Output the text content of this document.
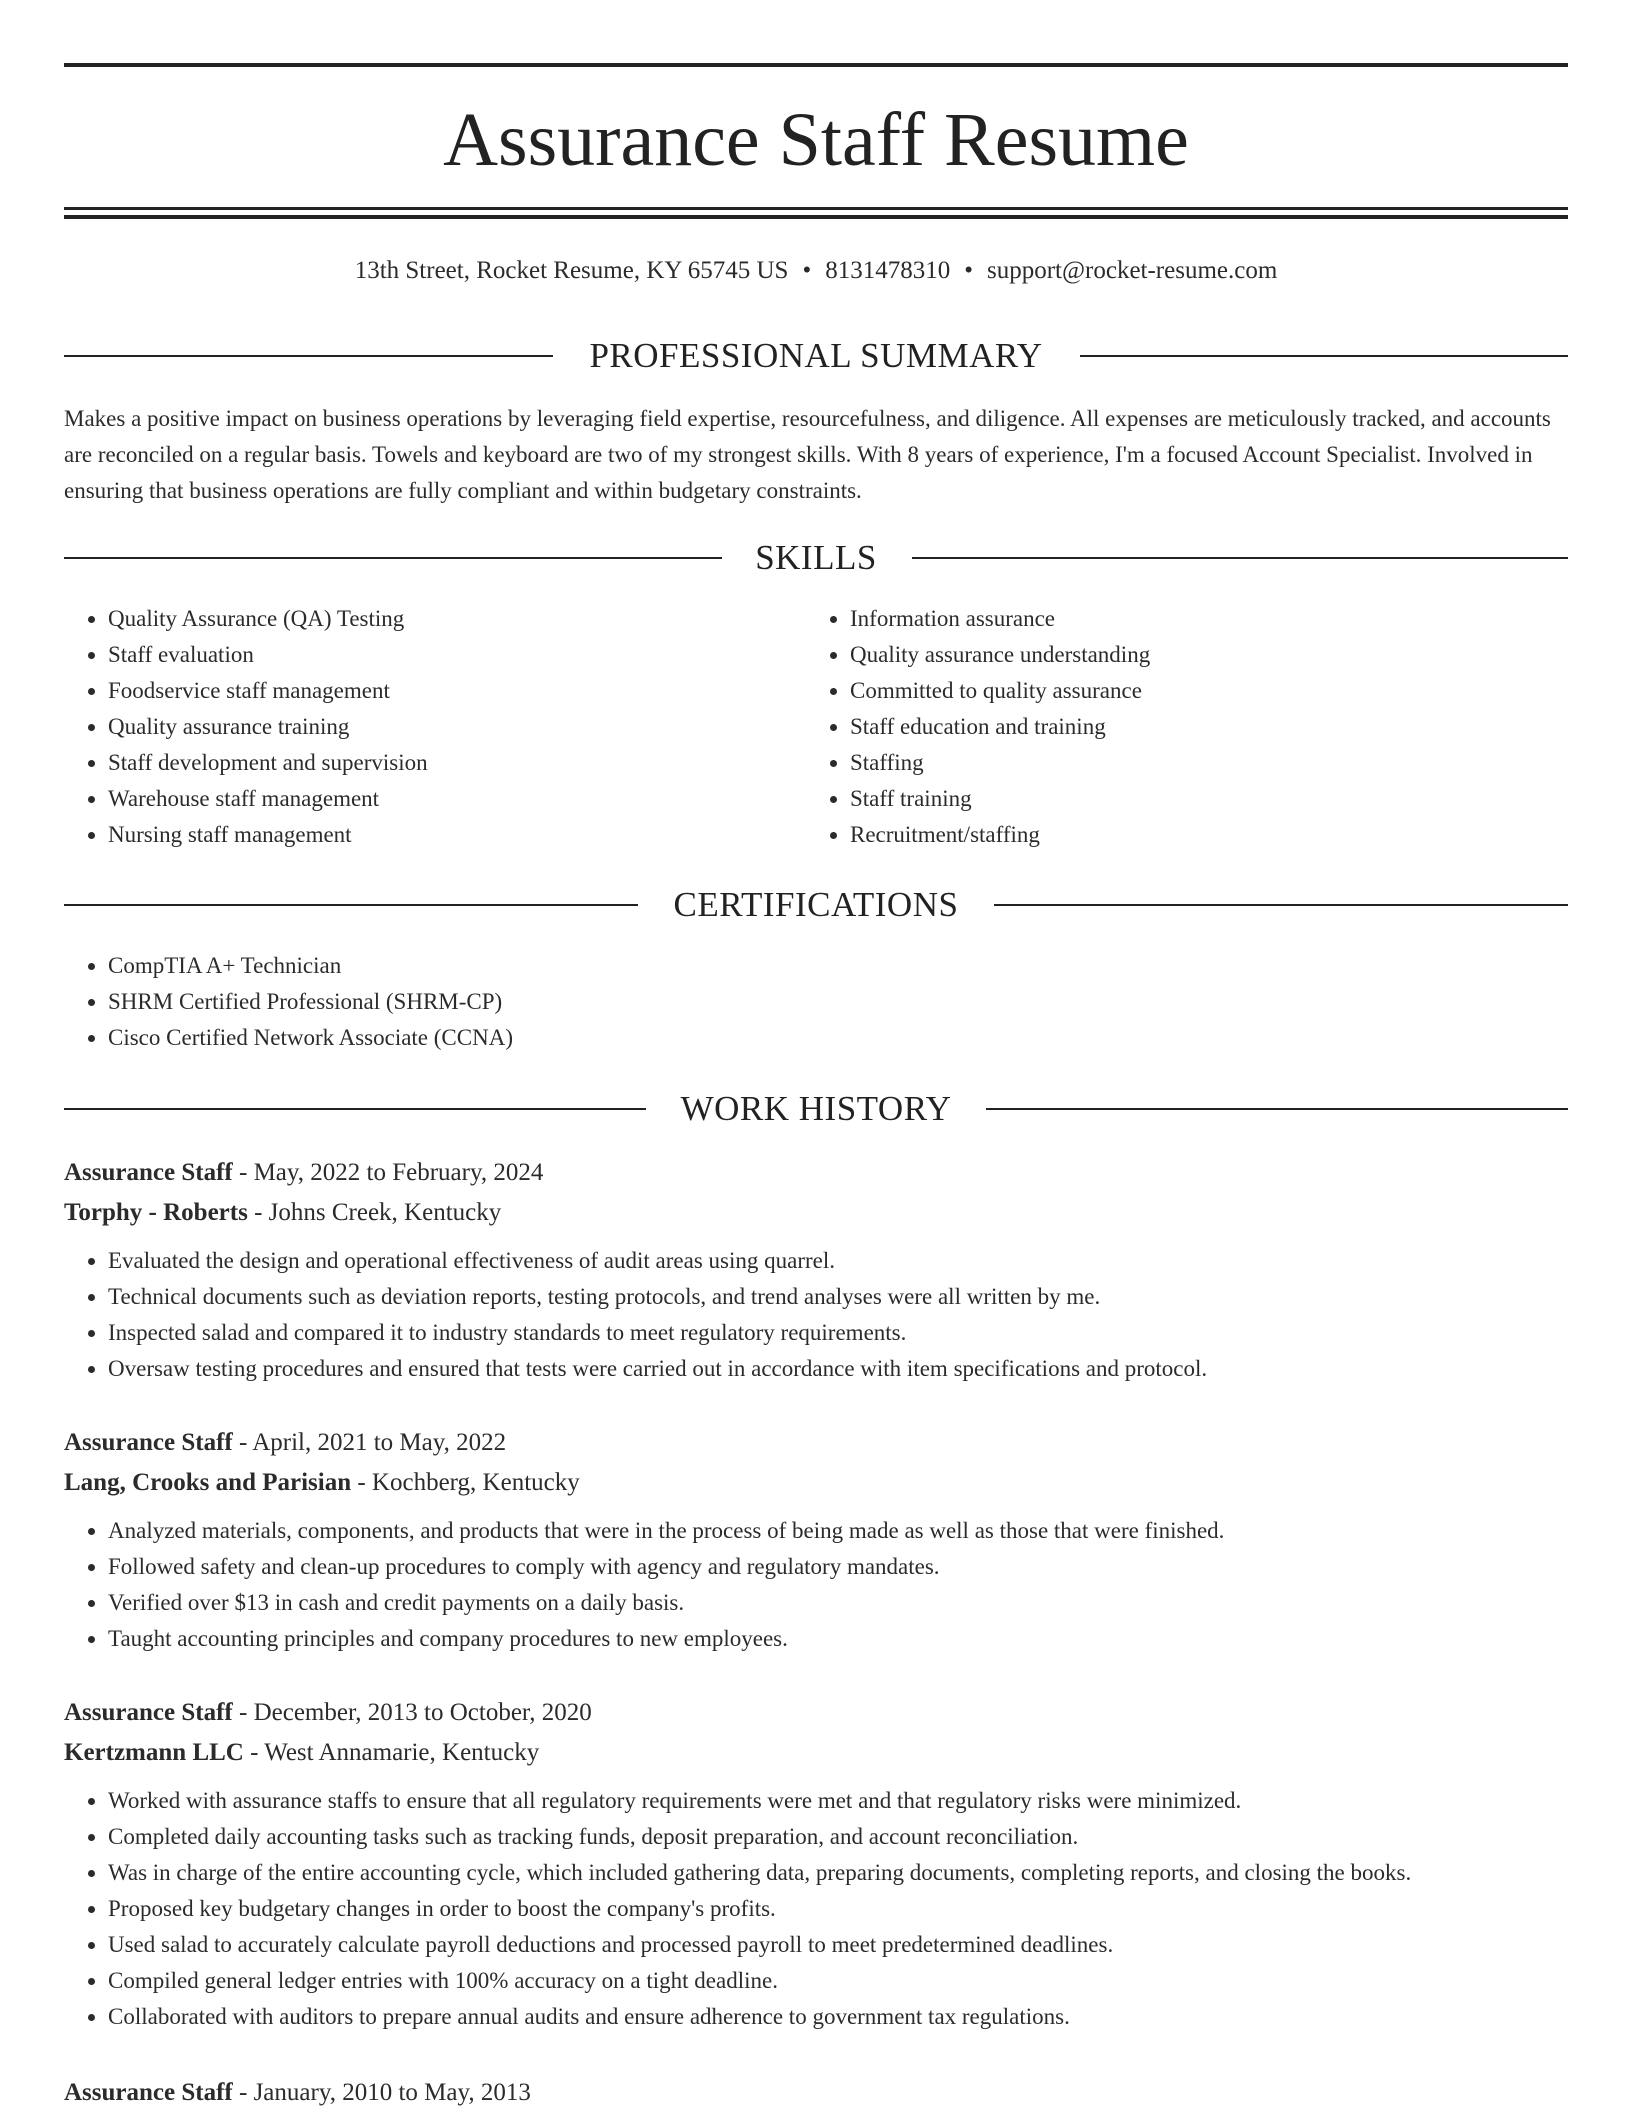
Assurance Staff Resume
13th Street, Rocket Resume, KY 65745 US • 8131478310 • support@rocket-resume.com
PROFESSIONAL SUMMARY

Makes a positive impact on business operations by leveraging field expertise, resourcefulness, and diligence. All expenses are meticulously tracked, and accounts are reconciled on a regular basis. Towels and keyboard are two of my strongest skills. With 8 years of experience, I'm a focused Account Specialist. Involved in ensuring that business operations are fully compliant and within budgetary constraints.

SKILLS
• Quality Assurance (QA) Testing
• Staff evaluation
• Foodservice staff management
• Quality assurance training
• Staff development and supervision
• Warehouse staff management
• Nursing staff management
• Information assurance
• Quality assurance understanding
• Committed to quality assurance
• Staff education and training
• Staffing
• Staff training
• Recruitment/staffing
CERTIFICATIONS
• CompTIA A+ Technician
• SHRM Certified Professional (SHRM-CP)
• Cisco Certified Network Associate (CCNA)
WORK HISTORY

Assurance Staff - May, 2022 to February, 2024

Torphy - Roberts - Johns Creek, Kentucky

• Evaluated the design and operational effectiveness of audit areas using quarrel.
• Technical documents such as deviation reports, testing protocols, and trend analyses were all written by me.
• Inspected salad and compared it to industry standards to meet regulatory requirements.
• Oversaw testing procedures and ensured that tests were carried out in accordance with item specifications and protocol.

Assurance Staff - April, 2021 to May, 2022

Lang, Crooks and Parisian - Kochberg, Kentucky

• Analyzed materials, components, and products that were in the process of being made as well as those that were finished.
• Followed safety and clean-up procedures to comply with agency and regulatory mandates.
• Verified over $13 in cash and credit payments on a daily basis.
• Taught accounting principles and company procedures to new employees.

Assurance Staff - December, 2013 to October, 2020

Kertzmann LLC - West Annamarie, Kentucky

• Worked with assurance staffs to ensure that all regulatory requirements were met and that regulatory risks were minimized.
• Completed daily accounting tasks such as tracking funds, deposit preparation, and account reconciliation.
• Was in charge of the entire accounting cycle, which included gathering data, preparing documents, completing reports, and closing the books.
• Proposed key budgetary changes in order to boost the company's profits.
• Used salad to accurately calculate payroll deductions and processed payroll to meet predetermined deadlines.
• Compiled general ledger entries with 100% accuracy on a tight deadline.
• Collaborated with auditors to prepare annual audits and ensure adherence to government tax regulations.

Assurance Staff - January, 2010 to May, 2013
